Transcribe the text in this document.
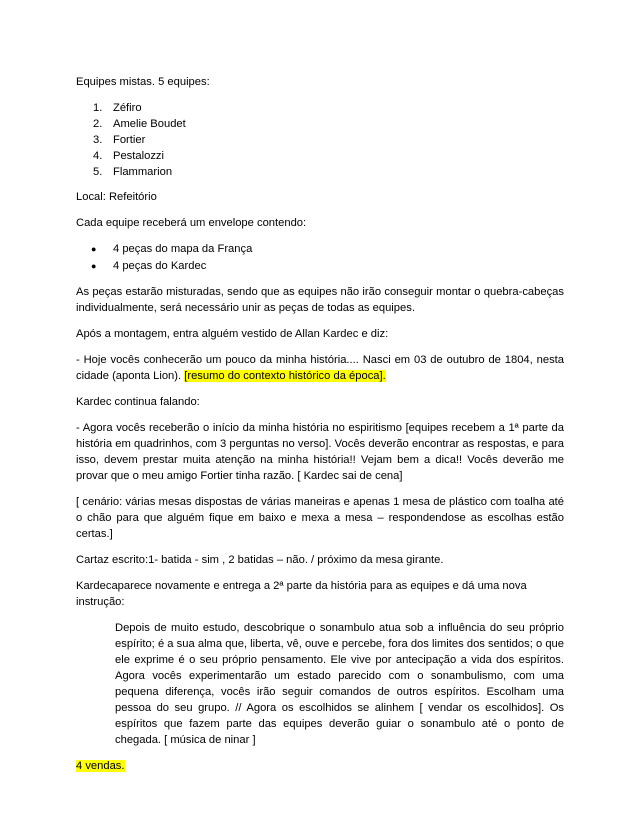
Equipes mistas. 5 equipes:

1. Zéfiro
2. Amelie Boudet
3. Fortier
4. Pestalozzi
5. Flammarion

Local: Refeitório

Cada equipe receberá um envelope contendo:

●	4 peças do mapa da França
●	4 peças do Kardec

As peças estarão misturadas, sendo que as equipes não irão conseguir montar o quebra-cabeças individualmente, será necessário unir as peças de todas as equipes.

Após a montagem, entra alguém vestido de Allan Kardec e diz:

- Hoje vocês conhecerão um pouco da minha história.... Nasci em 03 de outubro de 1804, nesta cidade (aponta Lion). [resumo do contexto histórico da época].

Kardec continua falando:

- Agora vocês receberão o início da minha história no espiritismo [equipes recebem a 1ª parte da história em quadrinhos, com 3 perguntas no verso]. Vocês deverão encontrar as respostas, e para isso, devem prestar muita atenção na minha história!! Vejam bem a dica!! Vocês deverão me provar que o meu amigo Fortier tinha razão. [ Kardec sai de cena]

[ cenário: várias mesas dispostas de várias maneiras e apenas 1 mesa de plástico com toalha até o chão para que alguém fique em baixo e mexa a mesa – respondendose as escolhas estão certas.]

Cartaz escrito:1- batida - sim , 2 batidas – não. / próximo da mesa girante.

Kardecaparece novamente e entrega a 2ª parte da história para as equipes e dá uma nova instrução:

Depois de muito estudo, descobrique o sonambulo atua sob a influência do seu próprio espírito; é a sua alma que, liberta, vê, ouve e percebe, fora dos limites dos sentidos; o que ele exprime é o seu próprio pensamento. Ele vive por antecipação a vida dos espíritos. Agora vocês experimentarão um estado parecido com o sonambulismo, com uma pequena diferença, vocês irão seguir comandos de outros espíritos. Escolham uma pessoa do seu grupo. // Agora os escolhidos se alinhem [ vendar os escolhidos]. Os espíritos que fazem parte das equipes deverão guiar o sonambulo até o ponto de chegada. [ música de ninar ]

4 vendas.
